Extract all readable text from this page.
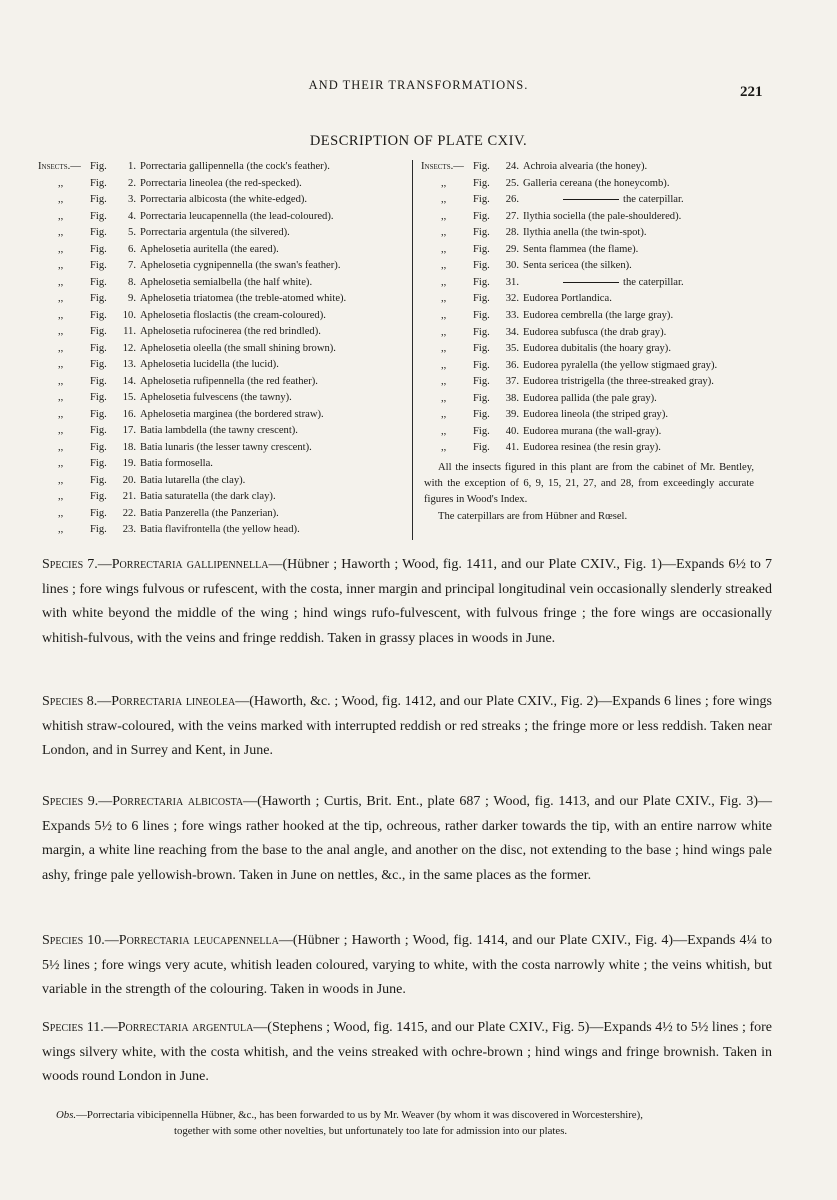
AND THEIR TRANSFORMATIONS.	221
DESCRIPTION OF PLATE CXIV.
Insects.— Fig.	1. Porrectaria gallipennella (the cock's feather).
,,	Fig.	2. Porrectaria lineolea (the red-specked).
,,	Fig.	3. Porrectaria albicosta (the white-edged).
,,	Fig.	4. Porrectaria leucapennella (the lead-coloured).
,,	Fig.	5. Porrectaria argentula (the silvered).
,,	Fig.	6. Aphelosetia auritella (the eared).
,,	Fig.	7. Aphelosetia cygnipennella (the swan's feather).
,,	Fig.	8. Aphelosetia semialbella (the half white).
,,	Fig.	9. Aphelosetia triatomea (the treble-atomed white).
,,	Fig.	10. Aphelosetia floslactis (the cream-coloured).
,,	Fig.	11. Aphelosetia rufocinerea (the red brindled).
,,	Fig.	12. Aphelosetia oleella (the small shining brown).
,,	Fig.	13. Aphelosetia lucidella (the lucid).
,,	Fig.	14. Aphelosetia rufipennella (the red feather).
,,	Fig.	15. Aphelosetia fulvescens (the tawny).
,,	Fig.	16. Aphelosetia marginea (the bordered straw).
,,	Fig.	17. Batia lambdella (the tawny crescent).
,,	Fig.	18. Batia lunaris (the lesser tawny crescent).
,,	Fig.	19. Batia formosella.
,,	Fig.	20. Batia lutarella (the clay).
,,	Fig.	21. Batia saturatella (the dark clay).
,,	Fig.	22. Batia Panzerella (the Panzerian).
,,	Fig.	23. Batia flavifrontella (the yellow head).
Insects.— Fig.	24. Achroia alvearia (the honey).
,,	Fig.	25. Galleria cereana (the honeycomb).
,,	Fig.	26.	the caterpillar.
,,	Fig.	27. Ilythia sociella (the pale-shouldered).
,,	Fig.	28. Ilythia anella (the twin-spot).
,,	Fig.	29. Senta flammea (the flame).
,,	Fig.	30. Senta sericea (the silken).
,,	Fig.	31.	the caterpillar.
,,	Fig.	32. Eudorea Portlandica.
,,	Fig.	33. Eudorea cembrella (the large gray).
,,	Fig.	34. Eudorea subfusca (the drab gray).
,,	Fig.	35. Eudorea dubitalis (the hoary gray).
,,	Fig.	36. Eudorea pyralella (the yellow stigmaed gray).
,,	Fig.	37. Eudorea tristrigella (the three-streaked gray).
,,	Fig.	38. Eudorea pallida (the pale gray).
,,	Fig.	39. Eudorea lineola (the striped gray).
,,	Fig.	40. Eudorea murana (the wall-gray).
,,	Fig.	41. Eudorea resinea (the resin gray).
All the insects figured in this plant are from the cabinet of Mr. Bentley, with the exception of 6, 9, 15, 21, 27, and 28, from exceedingly accurate figures in Wood's Index.
The caterpillars are from Hübner and Rœsel.
Species 7.—Porrectaria gallipennella—(Hübner ; Haworth ; Wood, fig. 1411, and our Plate CXIV., Fig. 1)—Expands 6½ to 7 lines ; fore wings fulvous or rufescent, with the costa, inner margin and principal longitudinal vein occasionally slenderly streaked with white beyond the middle of the wing ; hind wings rufo-fulvescent, with fulvous fringe ; the fore wings are occasionally whitish-fulvous, with the veins and fringe reddish. Taken in grassy places in woods in June.
Species 8.—Porrectaria lineolea—(Haworth, &c. ; Wood, fig. 1412, and our Plate CXIV., Fig. 2)—Expands 6 lines ; fore wings whitish straw-coloured, with the veins marked with interrupted reddish or red streaks ; the fringe more or less reddish. Taken near London, and in Surrey and Kent, in June.
Species 9.—Porrectaria albicosta—(Haworth ; Curtis, Brit. Ent., plate 687 ; Wood, fig. 1413, and our Plate CXIV., Fig. 3)—Expands 5½ to 6 lines ; fore wings rather hooked at the tip, ochreous, rather darker towards the tip, with an entire narrow white margin, a white line reaching from the base to the anal angle, and another on the disc, not extending to the base ; hind wings pale ashy, fringe pale yellowish-brown. Taken in June on nettles, &c., in the same places as the former.
Species 10.—Porrectaria leucapennella—(Hübner ; Haworth ; Wood, fig. 1414, and our Plate CXIV., Fig. 4)—Expands 4¼ to 5½ lines ; fore wings very acute, whitish leaden coloured, varying to white, with the costa narrowly white ; the veins whitish, but variable in the strength of the colouring. Taken in woods in June.
Species 11.—Porrectaria argentula—(Stephens ; Wood, fig. 1415, and our Plate CXIV., Fig. 5)—Expands 4½ to 5½ lines ; fore wings silvery white, with the costa whitish, and the veins streaked with ochre-brown ; hind wings and fringe brownish. Taken in woods round London in June.
Obs.—Porrectaria vibicipennella Hübner, &c., has been forwarded to us by Mr. Weaver (by whom it was discovered in Worcestershire),
together with some other novelties, but unfortunately too late for admission into our plates.
